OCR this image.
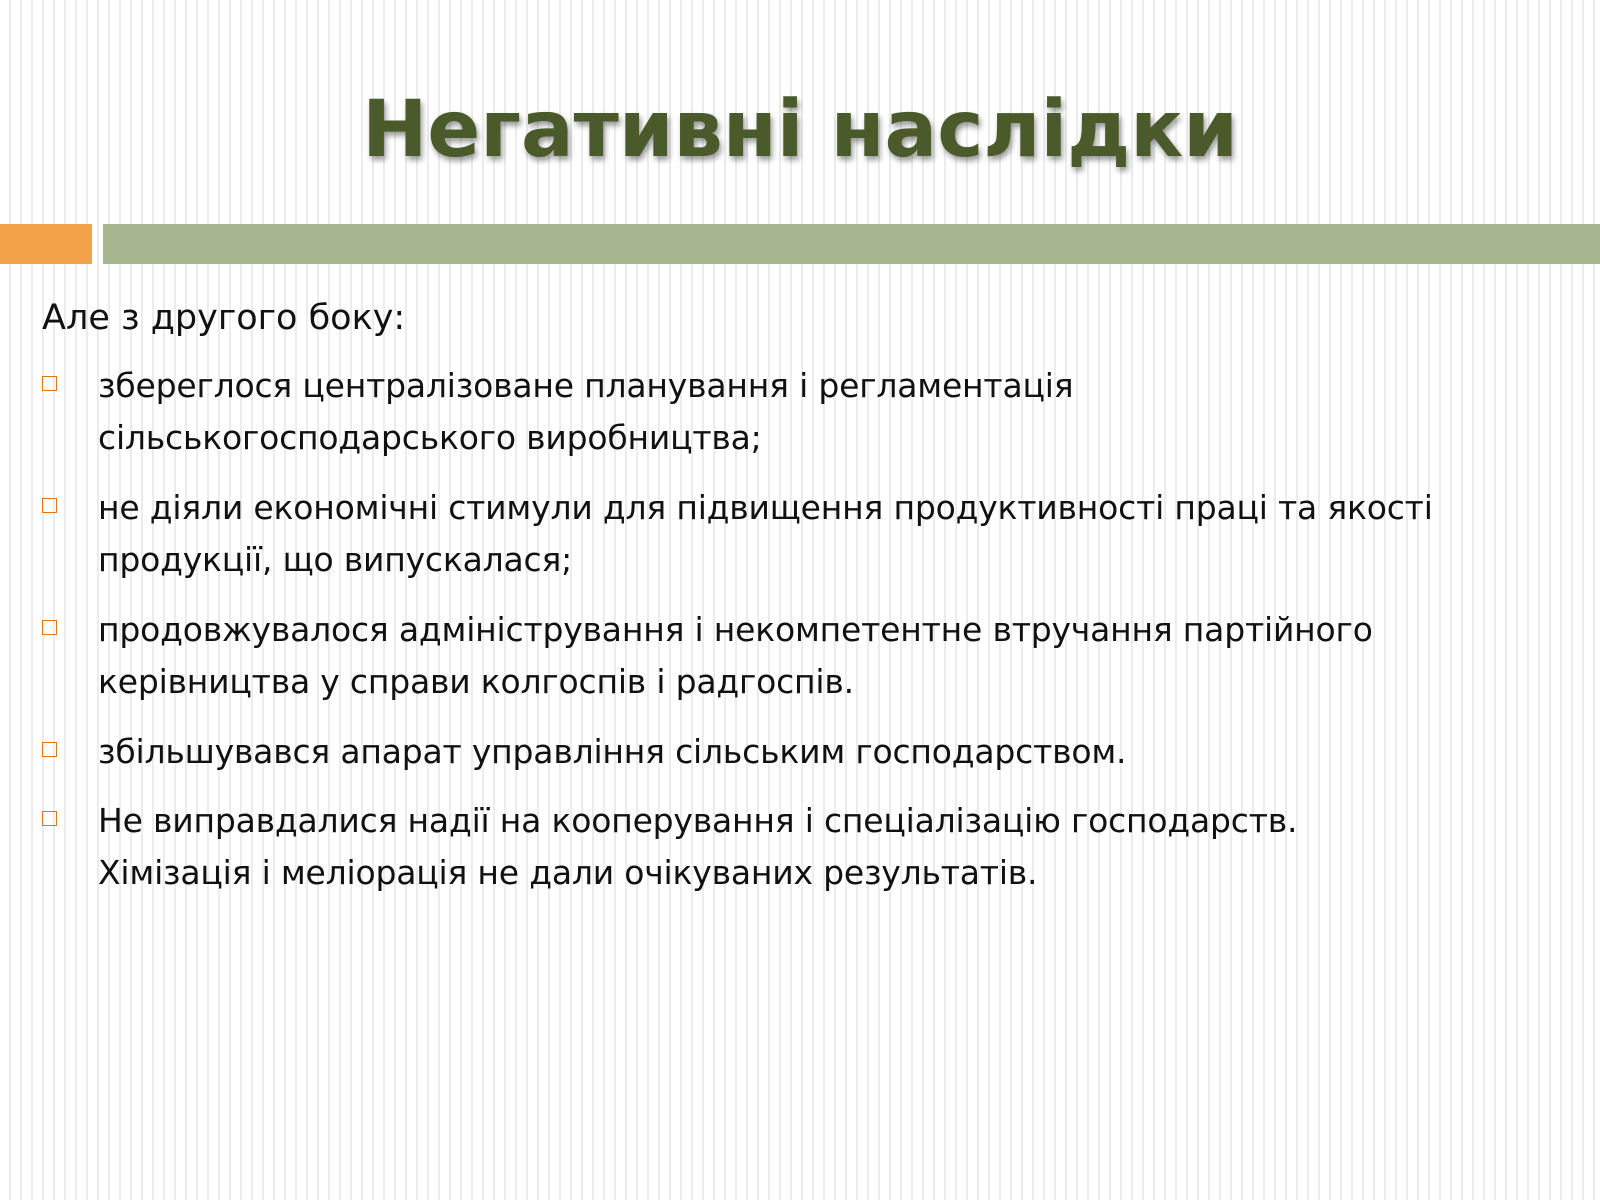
Негативні наслідки
Але з другого боку:
збереглося централізоване планування і регламентація
сільськогосподарського виробництва;
не діяли економічні стимули для підвищення продуктивності праці та якості
продукції, що випускалася;
продовжувалося адміністрування і некомпетентне втручання партійного
керівництва у справи колгоспів і радгоспів.
збільшувався апарат управління сільським господарством.
Не виправдалися надії на кооперування і спеціалізацію господарств.
Хімізація і меліорація не дали очікуваних результатів.
